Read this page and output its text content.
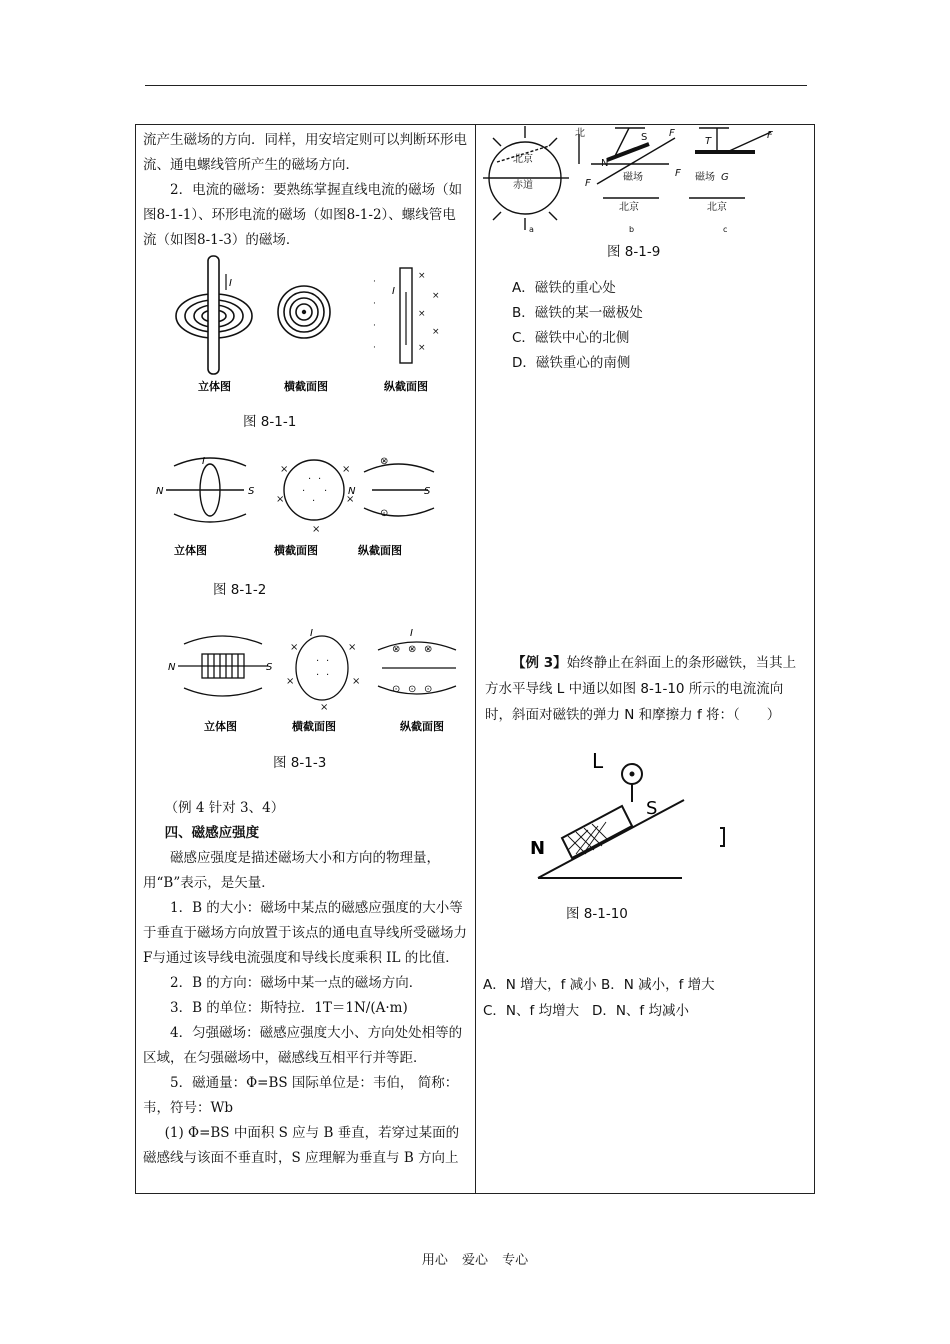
流产生磁场的方向．同样，用安培定则可以判断环形电流、通电螺线管所产生的磁场方向．

2．电流的磁场：要熟练掌握直线电流的磁场（如图8-1-1）、环形电流的磁场（如图8-1-2）、螺线管电流（如图8-1-3）的磁场．

I
I
·
·
·
·
×
×
×
×
×
立体图	横截面图	纵截面图
图 8-1-1
N	S
I
N	S
· ·
· ·
·
×	×
×	×
×
⊗
⊙
立体图	横截面图	纵截面图
图 8-1-2
N	S
I	I
· ·
· ·
×	×
×	×
×
⊗ ⊗ ⊗
⊙ ⊙ ⊙
立体图	横截面图	纵截面图
图 8-1-3

（例 4 针对 3、4）

四、磁感应强度

磁感应强度是描述磁场大小和方向的物理量，用“B”表示，是矢量．

1．B 的大小：磁场中某点的磁感应强度的大小等于垂直于磁场方向放置于该点的通电直导线所受磁场力F与通过该导线电流强度和导线长度乘积 IL 的比值．

2．B 的方向：磁场中某一点的磁场方向．

3．B 的单位：斯特拉．1T＝1N/(A·m)

4．匀强磁场：磁感应强度大小、方向处处相等的区域，在匀强磁场中，磁感线互相平行并等距．

5．磁通量：Φ=BS 国际单位是：韦伯， 简称：韦，符号：Wb

(1) Φ=BS 中面积 S 应与 B 垂直，若穿过某面的磁感线与该面不垂直时，S 应理解为垂直与 B 方向上

北京
赤道
北	S F
N
F
磁场
北京
T
F
F 磁场 G
北京
a	b	c
图 8-1-9
A．磁铁的重心处
B．磁铁的某一磁极处
C．磁铁中心的北侧
D．磁铁重心的南侧
【例 3】始终静止在斜面上的条形磁铁，当其上方水平导线 L 中通以如图 8-1-10 所示的电流流向时，斜面对磁铁的弹力 N 和摩擦力 f 将：（　　）
L
S
N
图 8-1-10
A．N 增大，f 减小 B．N 减小，f 增大
C．N、f 均增大   D．N、f 均减小
用心 爱心 专心
